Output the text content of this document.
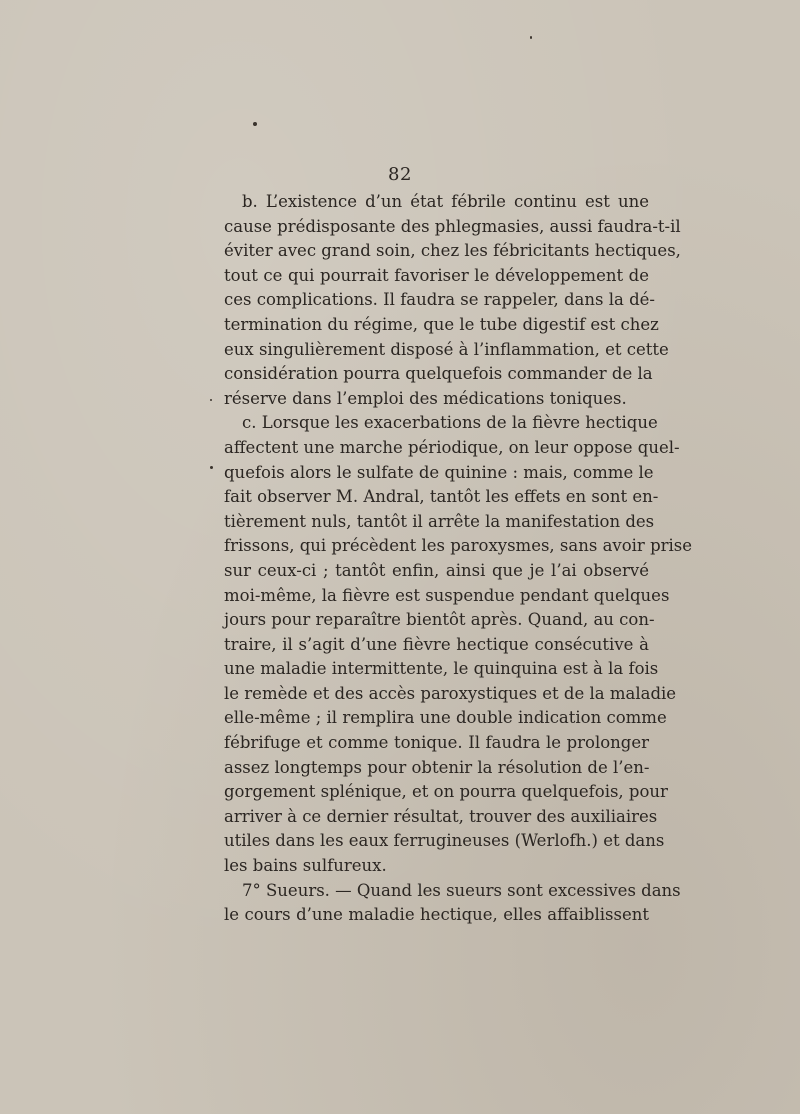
82

b. L’existence d’un état fébrile continu est une
cause prédisposante des phlegmasies, aussi faudra-t-il
éviter avec grand soin, chez les fébricitants hectiques,
tout ce qui pourrait favoriser le développement de
ces complications. Il faudra se rappeler, dans la dé-
termination du régime, que le tube digestif est chez
eux singulièrement disposé à l’inflammation, et cette
considération pourra quelquefois commander de la
réserve dans l’emploi des médications toniques.
c. Lorsque les exacerbations de la fièvre hectique
affectent une marche périodique, on leur oppose quel-
quefois alors le sulfate de quinine : mais, comme le
fait observer M. Andral, tantôt les effets en sont en-
tièrement nuls, tantôt il arrête la manifestation des
frissons, qui précèdent les paroxysmes, sans avoir prise
sur ceux-ci ; tantôt enfin, ainsi que je l’ai observé
moi-même, la fièvre est suspendue pendant quelques
jours pour reparaître bientôt après. Quand, au con-
traire, il s’agit d’une fièvre hectique consécutive à
une maladie intermittente, le quinquina est à la fois
le remède et des accès paroxystiques et de la maladie
elle-même ; il remplira une double indication comme
fébrifuge et comme tonique. Il faudra le prolonger
assez longtemps pour obtenir la résolution de l’en-
gorgement splénique, et on pourra quelquefois, pour
arriver à ce dernier résultat, trouver des auxiliaires
utiles dans les eaux ferrugineuses (Werlofh.) et dans
les bains sulfureux.
7° Sueurs. — Quand les sueurs sont excessives dans
le cours d’une maladie hectique, elles affaiblissent
